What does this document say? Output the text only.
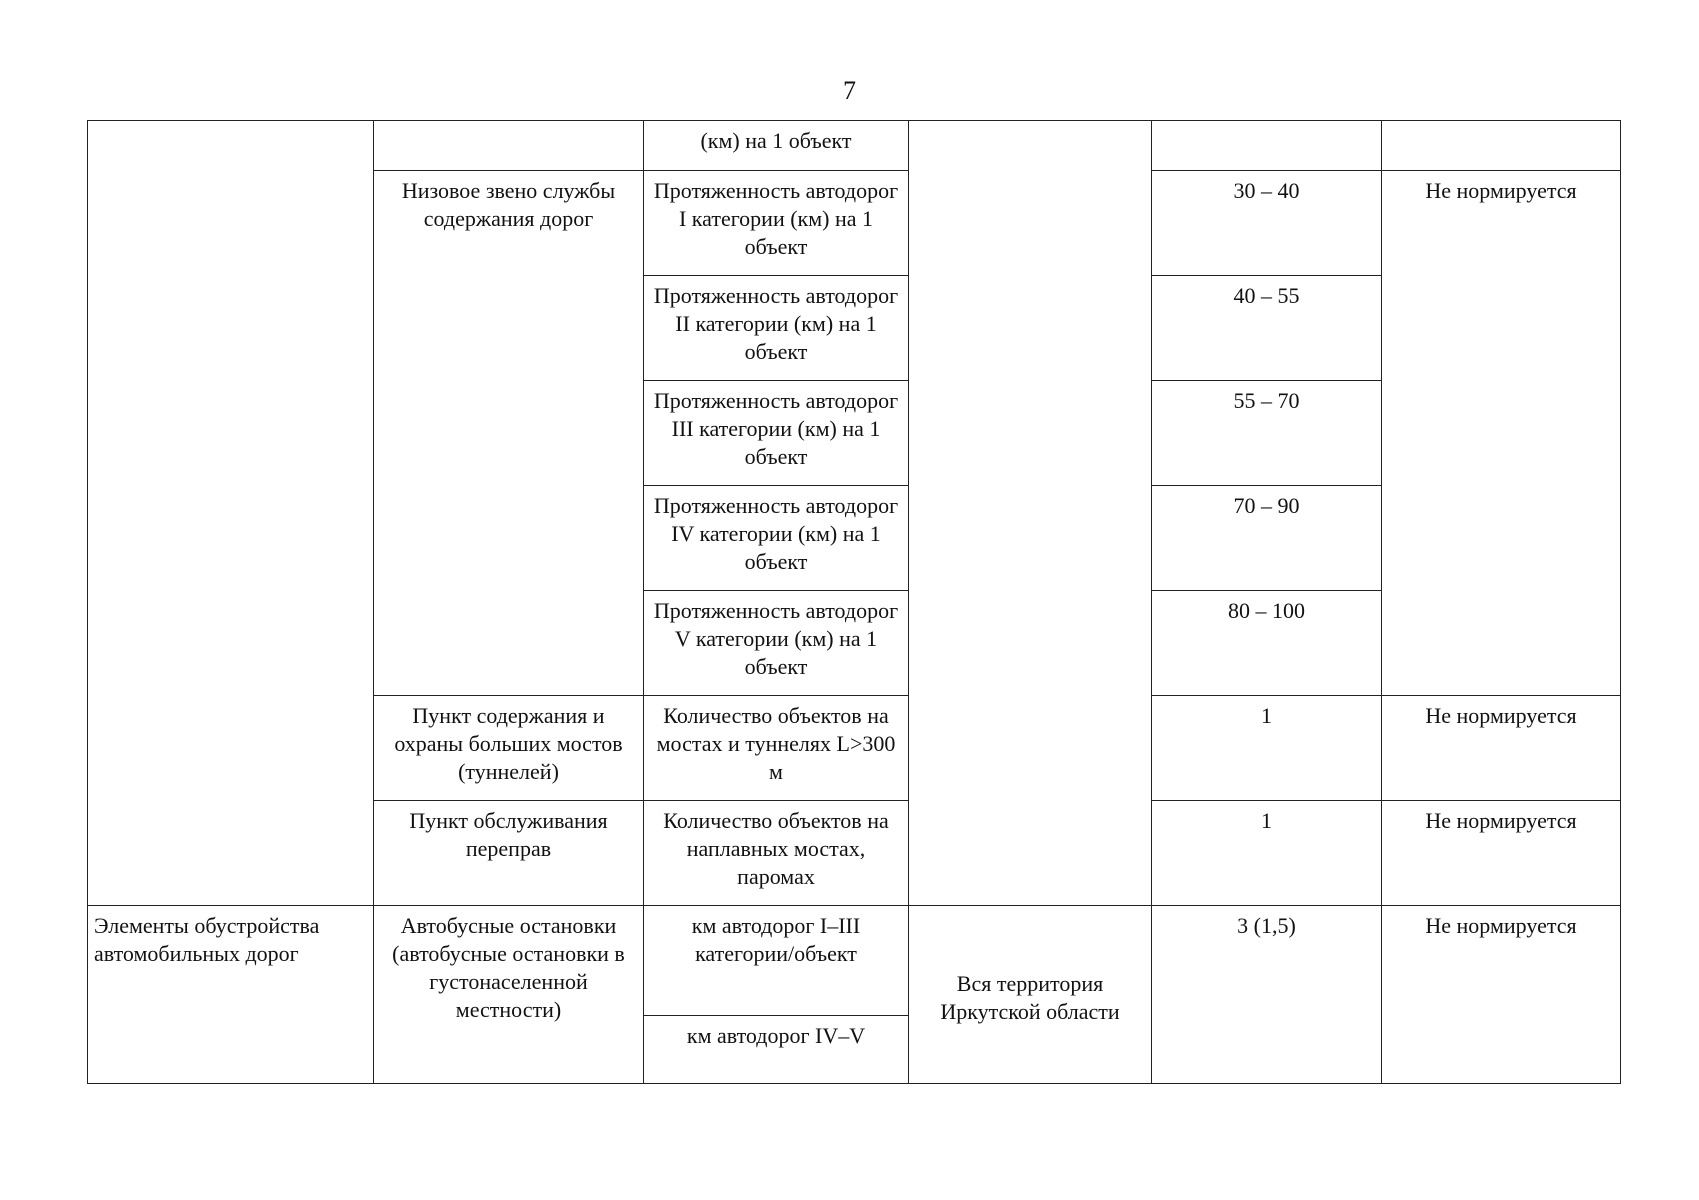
7

		(км) на 1 объект			

	Низовое звено службы содержания дорог	Протяженность автодорог I категории (км) на 1 объект		30 – 40	Не нормируется

		Протяженность автодорог II категории (км) на 1 объект		40 – 55	

		Протяженность автодорог III категории (км) на 1 объект		55 – 70	

		Протяженность автодорог IV категории (км) на 1 объект		70 – 90	

		Протяженность автодорог V категории (км) на 1 объект		80 – 100	

	Пункт содержания и охраны больших мостов (туннелей)	Количество объектов на мостах и туннелях L>300 м		1	Не нормируется

	Пункт обслуживания переправ	Количество объектов на наплавных мостах, паромах		1	Не нормируется

Элементы обустройства автомобильных дорог	Автобусные остановки (автобусные остановки в густонаселенной местности)	км автодорог I–III категории/объект	Вся территория Иркутской области	3 (1,5)	Не нормируется

		км автодорог IV–V			
